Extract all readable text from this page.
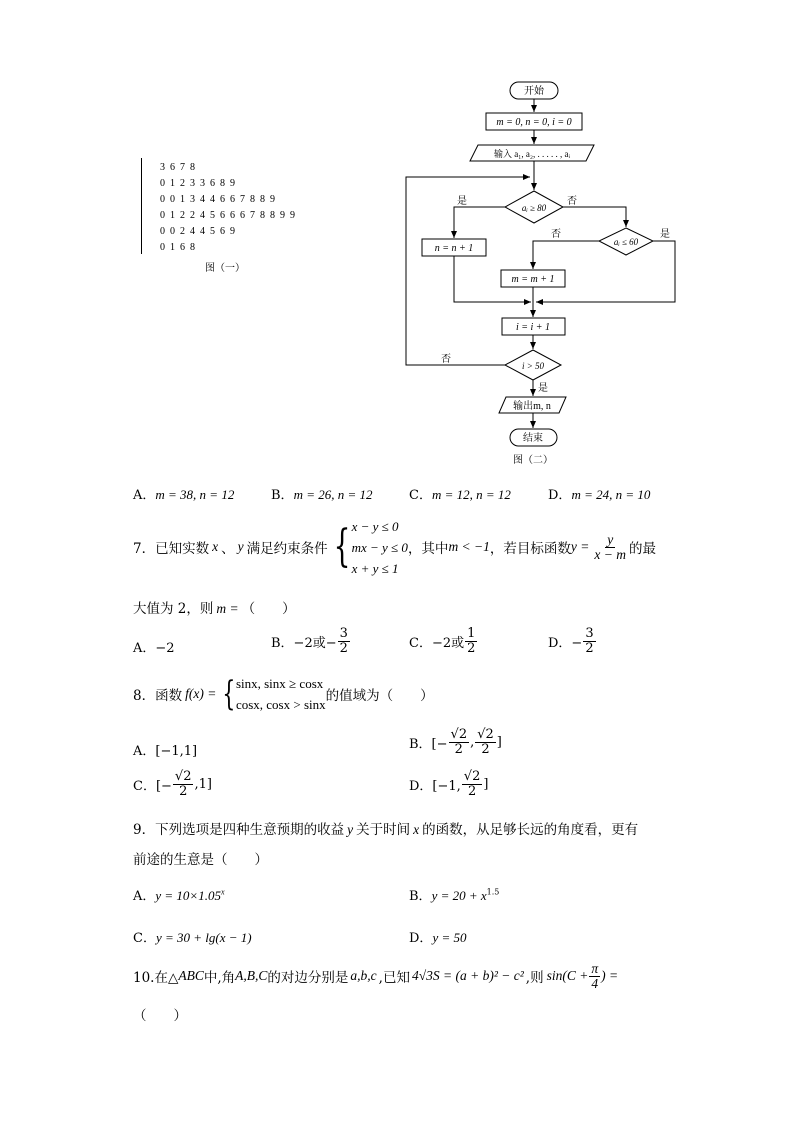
3  6  7  8
0  1  2  3  3  6  8  9
0  0  1  3  4  4  6  6  7  8  8  9
0  1  2  2  4  5  6  6  6  7  8  8  9  9
0  0  2  4  4  5  6  9
0  1  6  8
图（一）
开始
m = 0, n = 0, i = 0
输入 a₁, a₂, . . . . . , aᵢ
aᵢ ≥ 80
是	否
n = n + 1
aᵢ ≤ 60
否	是
m = m + 1
i = i + 1
i > 50
否
是
输出m, n
结束
图（二）
A．m = 38, n = 12	B．m = 26, n = 12	C．m = 12, n = 12	D．m = 24, n = 10
7．已知实数 x 、 y 满足约束条件 { x − y ≤ 0
mx − y ≤ 0
x + y ≤ 1
，其中 m < −1 ，若目标函数 $y = \frac{y}{x - m}$ 的最
大值为 2，则 m = （　　）
A．−2	B．−2或− $\frac{3}{2}$	C．−2或 $\frac{1}{2}$	D．− $\frac{3}{2}$
8．函数 f(x) = { sinx, sinx ≥ cosx
cosx, cosx > sinx
的值域为（　　）
A．[−1,1]	B．[− $\frac{√2}{2}$ , $\frac{√2}{2}$ ]
C．[− $\frac{√2}{2} ,1$]	D．[−1, $\frac{√2}{2}$ ]
9．下列选项是四种生意预期的收益 y 关于时间 x 的函数，从足够长远的角度看，更有
前途的生意是（　　）
A．$y = 10\times 1.05^x$	B．$y = 20 + x^{1.5}$
C．y = 30 + lg(x − 1)	D．y = 50
10.在△ ABC 中,角 A,B,C 的对边分别是 a,b,c ,已知 4√3S = (a + b)² − c² ,则 $\sin(C + \frac{\pi}{4}$ ) =
（　　）
